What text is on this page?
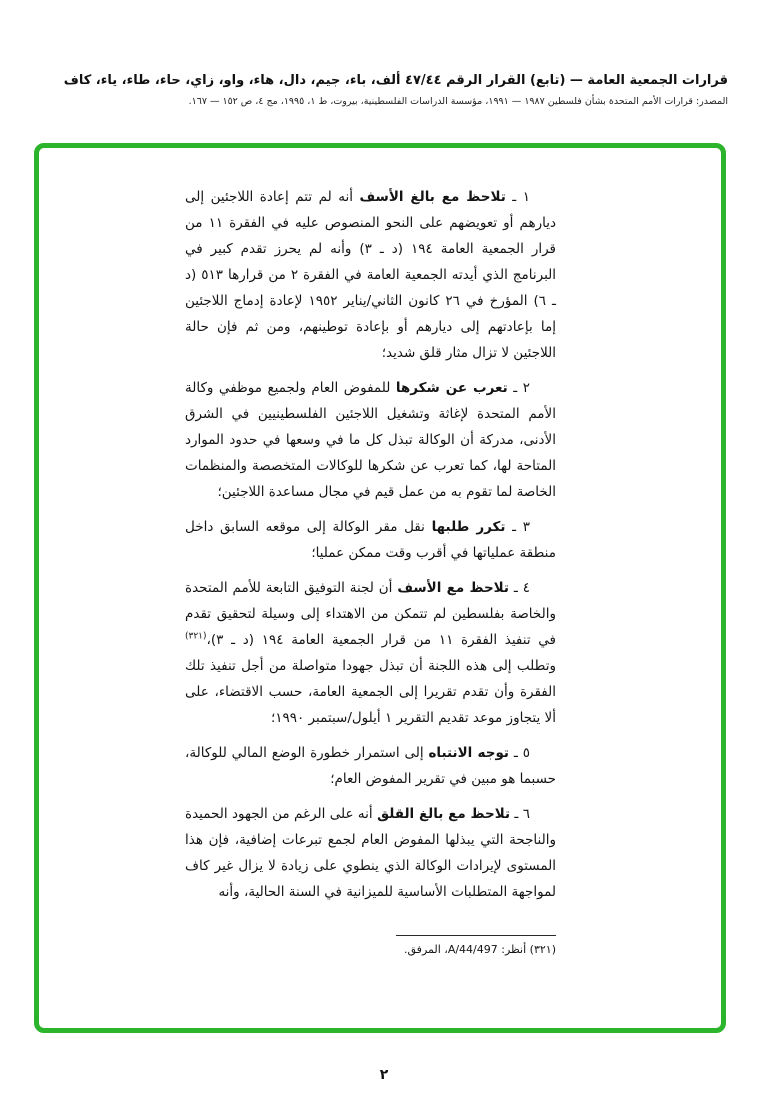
قرارات الجمعية العامة — (تابع) القرار الرقم ٤٧/٤٤ ألف، باء، جيم، دال، هاء، واو، زاي، حاء، طاء، ياء، كاف
المصدر: قرارات الأمم المتحدة بشأن فلسطين ١٩٨٧ — ١٩٩١، مؤسسة الدراسات الفلسطينية، بيروت، ط ١، ١٩٩٥، مج ٤، ص ١٥٢ — ١٦٧.

١ ـ تلاحظ مع بالغ الأسف أنه لم تتم إعادة اللاجئين إلى ديارهم أو تعويضهم على النحو المنصوص عليه في الفقرة ١١ من قرار الجمعية العامة ١٩٤ (د ـ ٣) وأنه لم يحرز تقدم كبير في البرنامج الذي أيدته الجمعية العامة في الفقرة ٢ من قرارها ٥١٣ (د ـ ٦) المؤرخ في ٢٦ كانون الثاني/يناير ١٩٥٢ لإعادة إدماج اللاجئين إما بإعادتهم إلى ديارهم أو بإعادة توطينهم، ومن ثم فإن حالة اللاجئين لا تزال مثار قلق شديد؛

٢ ـ تعرب عن شكرها للمفوض العام ولجميع موظفي وكالة الأمم المتحدة لإغاثة وتشغيل اللاجئين الفلسطينيين في الشرق الأدنى، مدركة أن الوكالة تبذل كل ما في وسعها في حدود الموارد المتاحة لها، كما تعرب عن شكرها للوكالات المتخصصة والمنظمات الخاصة لما تقوم به من عمل قيم في مجال مساعدة اللاجئين؛

٣ ـ تكرر طلبها نقل مقر الوكالة إلى موقعه السابق داخل منطقة عملياتها في أقرب وقت ممكن عمليا؛

٤ ـ تلاحظ مع الأسف أن لجنة التوفيق التابعة للأمم المتحدة والخاصة بفلسطين لم تتمكن من الاهتداء إلى وسيلة لتحقيق تقدم في تنفيذ الفقرة ١١ من قرار الجمعية العامة ١٩٤ (د ـ ٣)،$^{(٣٢١)}$ وتطلب إلى هذه اللجنة أن تبذل جهودا متواصلة من أجل تنفيذ تلك الفقرة وأن تقدم تقريرا إلى الجمعية العامة، حسب الاقتضاء، على ألا يتجاوز موعد تقديم التقرير ١ أيلول/سبتمبر ١٩٩٠؛

٥ ـ توجه الانتباه إلى استمرار خطورة الوضع المالي للوكالة، حسبما هو مبين في تقرير المفوض العام؛

٦ ـ تلاحظ مع بالغ القلق أنه على الرغم من الجهود الحميدة والناجحة التي يبذلها المفوض العام لجمع تبرعات إضافية، فإن هذا المستوى لإيرادات الوكالة الذي ينطوي على زيادة لا يزال غير كاف لمواجهة المتطلبات الأساسية للميزانية في السنة الحالية، وأنه

(٣٢١) أنظر: A/44/497، المرفق.
٢
